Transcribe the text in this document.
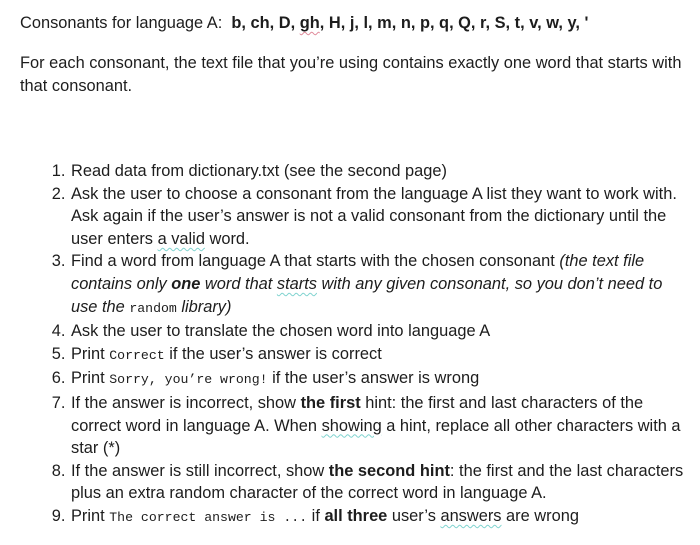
Consonants for language A: b, ch, D, gh, H, j, l, m, n, p, q, Q, r, S, t, v, w, y, '

For each consonant, the text file that you’re using contains exactly one word that starts with that consonant.

1. Read data from dictionary.txt (see the second page)
2. Ask the user to choose a consonant from the language A list they want to work with. Ask again if the user’s answer is not a valid consonant from the dictionary until the user enters a valid word.
3. Find a word from language A that starts with the chosen consonant (the text file contains only one word that starts with any given consonant, so you don’t need to use the random library)
4. Ask the user to translate the chosen word into language A
5. Print Correct if the user’s answer is correct
6. Print Sorry, you’re wrong! if the user’s answer is wrong
7. If the answer is incorrect, show the first hint: the first and last characters of the correct word in language A. When showing a hint, replace all other characters with a star (*)
8. If the answer is still incorrect, show the second hint: the first and the last characters plus an extra random character of the correct word in language A.
9. Print The correct answer is ... if all three user’s answers are wrong
